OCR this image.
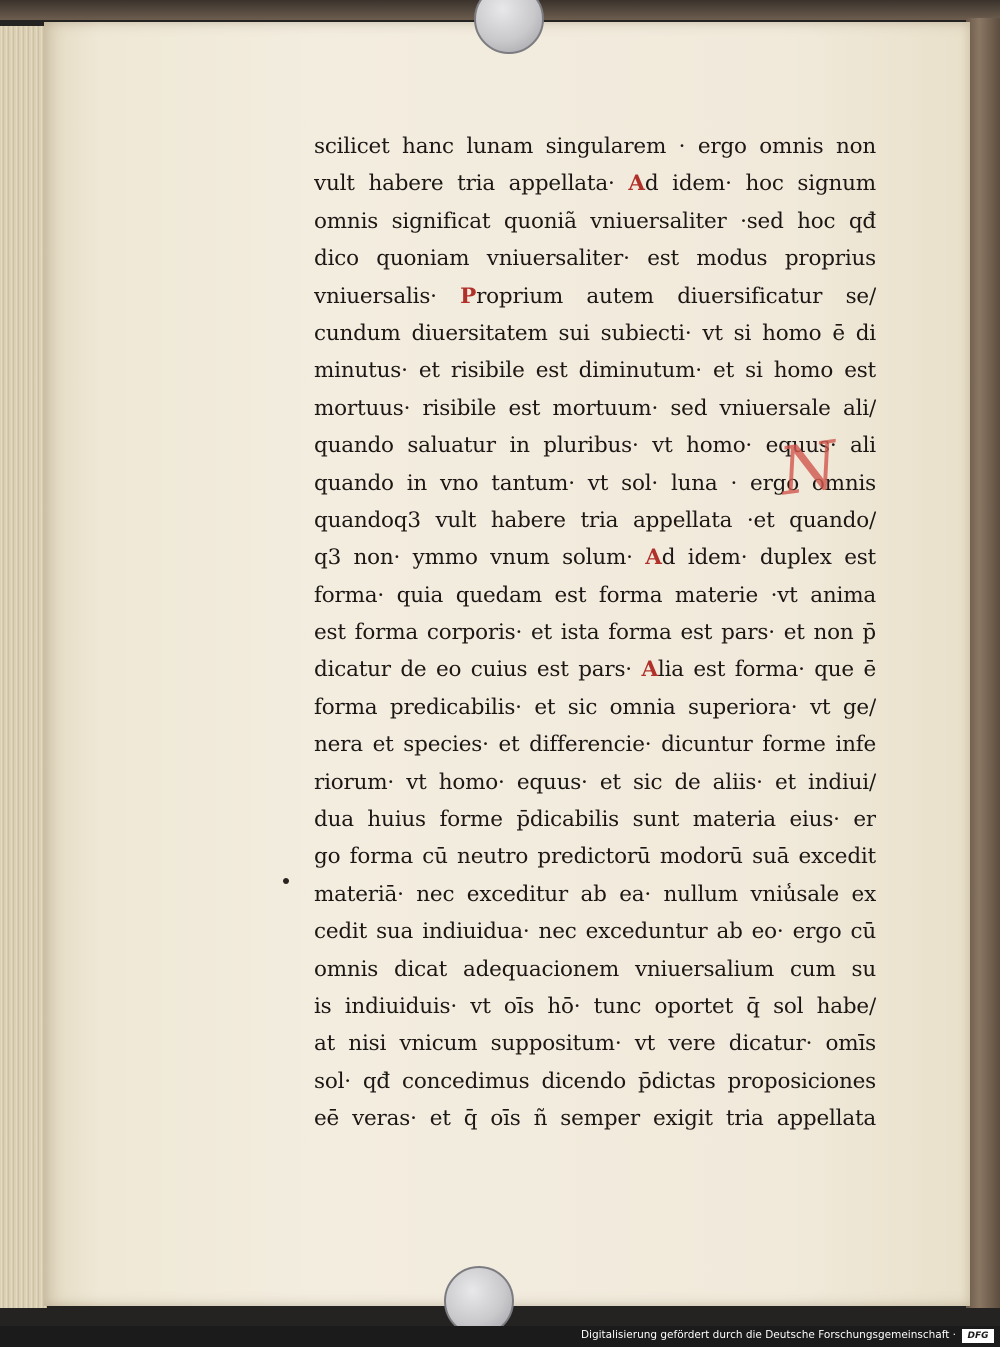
scilicet hanc lunam singularem · ergo omnis non
vult habere tria appellata· Ad idem· hoc signum
omnis significat quoniã vniuersaliter ·sed hoc qđ
dico quoniam vniuersaliter· est modus proprius
vniuersalis· Proprium autem diuersificatur se/
cundum diuersitatem sui subiecti· vt si homo ē di
minutus· et risibile est diminutum· et si homo est
mortuus· risibile est mortuum· sed vniuersale ali/
quando saluatur in pluribus· vt homo· equus· ali
quando in vno tantum· vt sol· luna · ergo omnis
quandoq3 vult habere tria appellata ·et quando/
q3 non· ymmo vnum solum· Ad idem· duplex est
forma· quia quedam est forma materie ·vt anima
est forma corporis· et ista forma est pars· et non p̄
dicatur de eo cuius est pars· Alia est forma· que ē
forma predicabilis· et sic omnia superiora· vt ge/
nera et species· et differencie· dicuntur forme infe
riorum· vt homo· equus· et sic de aliis· et indiui/
dua huius forme p̄dicabilis sunt materia eius· er
go forma cū neutro predictorū modorū suā excedit
materiā· nec exceditur ab ea· nullum vniu̾sale ex
cedit sua indiuidua· nec exceduntur ab eo· ergo cū
omnis dicat adequacionem vniuersalium cum su
is indiuiduis· vt oīs hō· tunc oportet q̄ sol habe/
at nisi vnicum suppositum· vt vere dicatur· omīs
sol· qđ concedimus dicendo p̄dictas proposiciones
eē veras· et q̄ oīs ñ semper exigit tria appellata
N
Digitalisierung gefördert durch die Deutsche Forschungsgemeinschaft ·	DFG
